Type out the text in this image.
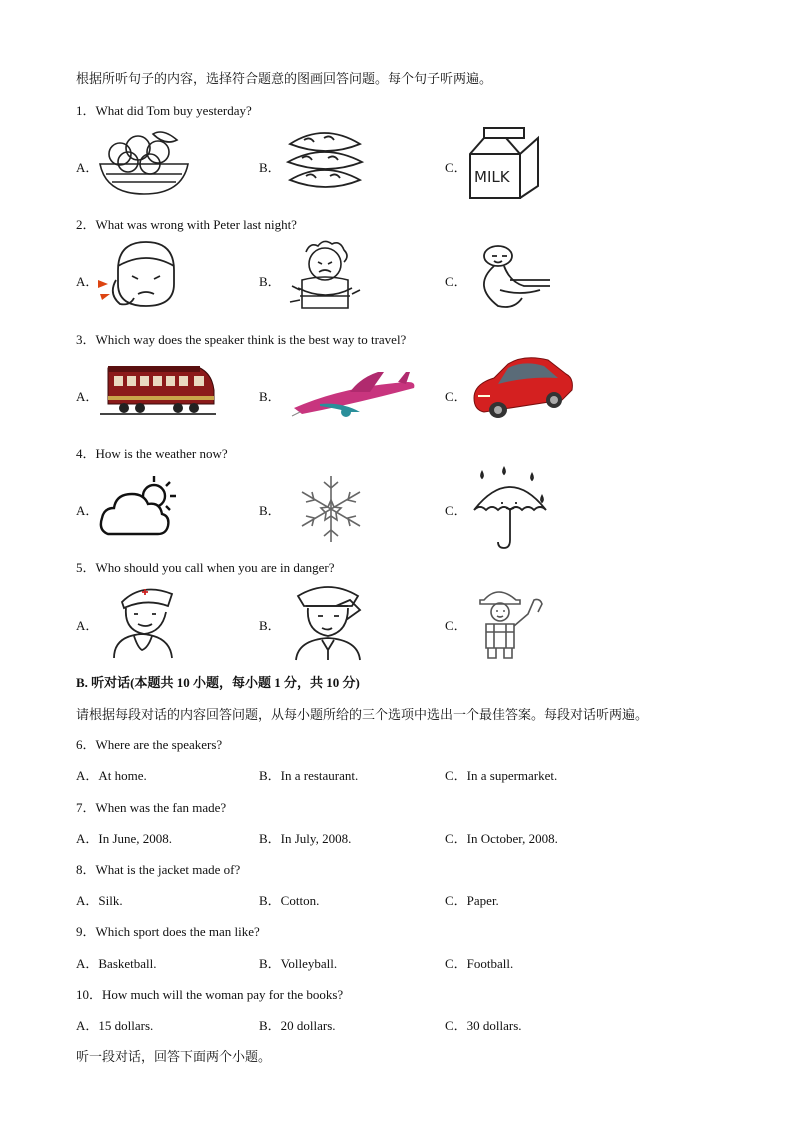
根据所听句子的内容，选择符合题意的图画回答问题。每个句子听两遍。
1．What did Tom buy yesterday?
A．	B．	C．
MILK
2．What was wrong with Peter last night?
A．	B．	C．
3．Which way does the speaker think is the best way to travel?
A．	B．	C．
4．How is the weather now?
A．	B．	C．
5．Who should you call when you are in danger?
A．	B．	C．
B. 听对话(本题共 10 小题，每小题 1 分，共 10 分)
请根据每段对话的内容回答问题，从每小题所给的三个选项中选出一个最佳答案。每段对话听两遍。
6．Where are the speakers?
A．At home.	B．In a restaurant.	C．In a supermarket.
7．When was the fan made?
A．In June, 2008.	B．In July, 2008.	C．In October, 2008.
8．What is the jacket made of?
A．Silk.	B．Cotton.	C．Paper.
9．Which sport does the man like?
A．Basketball.	B．Volleyball.	C．Football.
10．How much will the woman pay for the books?
A．15 dollars.	B．20 dollars.	C．30 dollars.
听一段对话，回答下面两个小题。
